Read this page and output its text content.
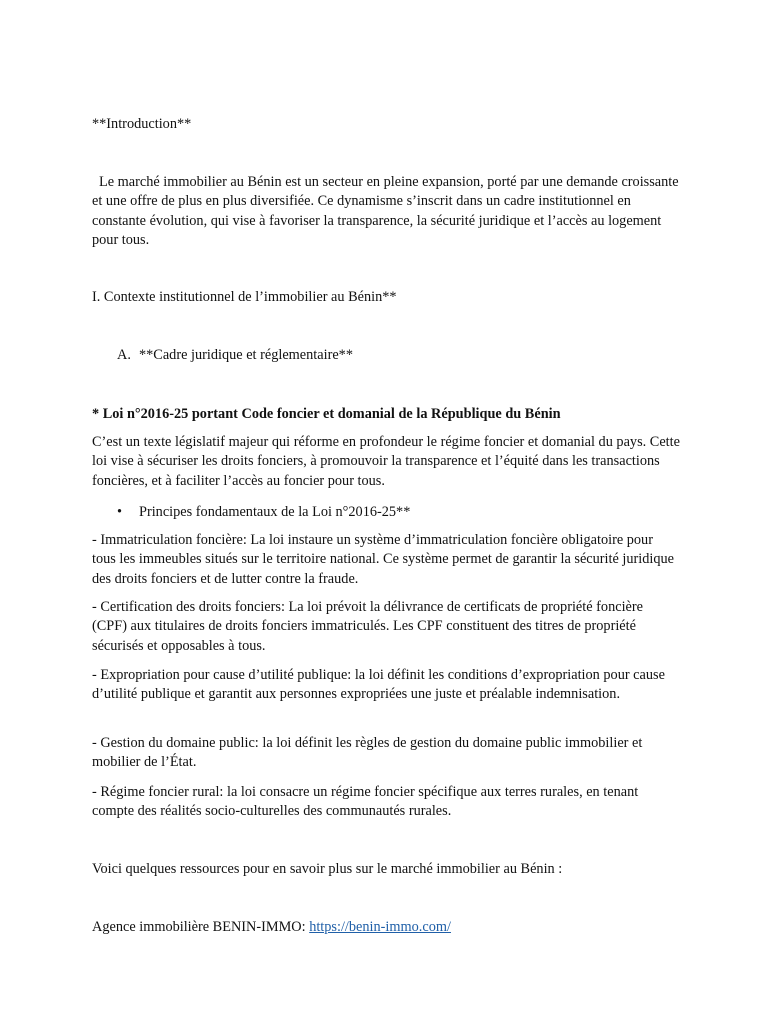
**Introduction**

Le marché immobilier au Bénin est un secteur en pleine expansion, porté par une demande croissante et une offre de plus en plus diversifiée. Ce dynamisme s’inscrit dans un cadre institutionnel en constante évolution, qui vise à favoriser la transparence, la sécurité juridique et l’accès au logement pour tous.

I. Contexte institutionnel de l’immobilier au Bénin**

A. **Cadre juridique et réglementaire**

* Loi n°2016-25 portant Code foncier et domanial de la République du Bénin

C’est un texte législatif majeur qui réforme en profondeur le régime foncier et domanial du pays. Cette loi vise à sécuriser les droits fonciers, à promouvoir la transparence et l’équité dans les transactions foncières, et à faciliter l’accès au foncier pour tous.

• Principes fondamentaux de la Loi n°2016-25**

- Immatriculation foncière: La loi instaure un système d’immatriculation foncière obligatoire pour tous les immeubles situés sur le territoire national. Ce système permet de garantir la sécurité juridique des droits fonciers et de lutter contre la fraude.

- Certification des droits fonciers: La loi prévoit la délivrance de certificats de propriété foncière (CPF) aux titulaires de droits fonciers immatriculés. Les CPF constituent des titres de propriété sécurisés et opposables à tous.

- Expropriation pour cause d’utilité publique: la loi définit les conditions d’expropriation pour cause d’utilité publique et garantit aux personnes expropriées une juste et préalable indemnisation.

- Gestion du domaine public: la loi définit les règles de gestion du domaine public immobilier et mobilier de l’État.

- Régime foncier rural: la loi consacre un régime foncier spécifique aux terres rurales, en tenant compte des réalités socio-culturelles des communautés rurales.

Voici quelques ressources pour en savoir plus sur le marché immobilier au Bénin :

Agence immobilière BENIN-IMMO: https://benin-immo.com/
